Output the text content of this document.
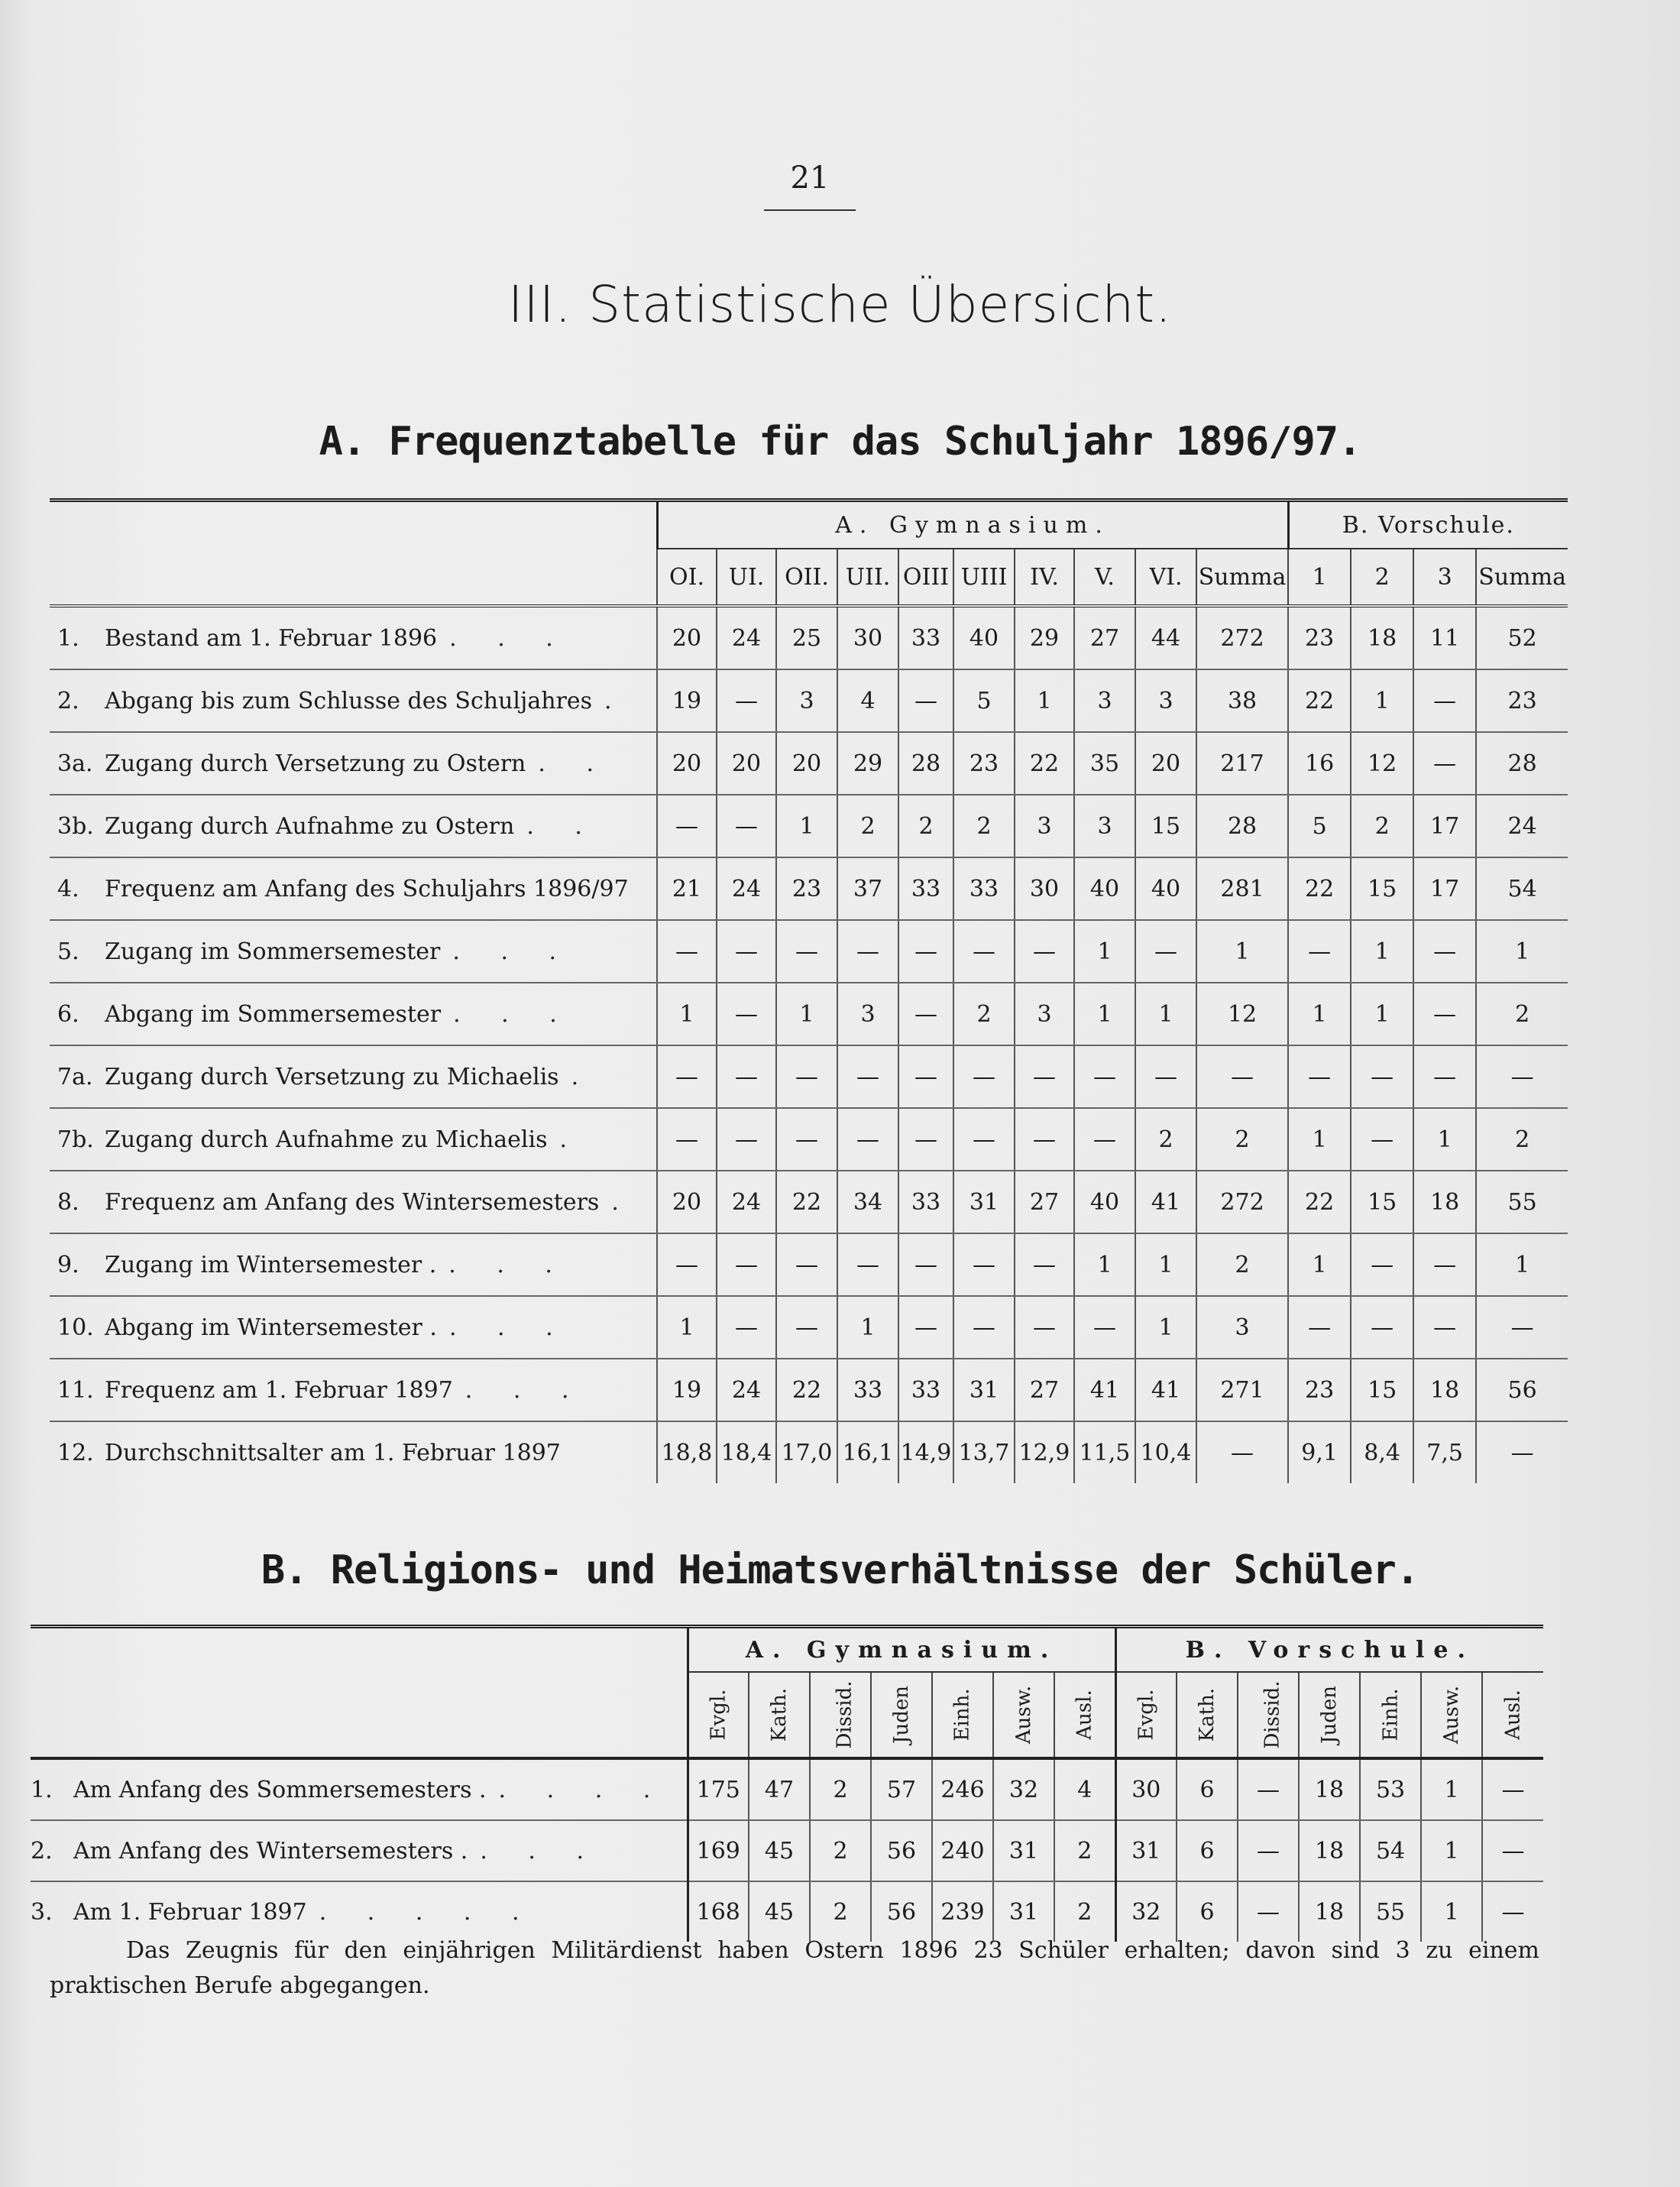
21
III. Statistische Übersicht.
A. Frequenztabelle für das Schuljahr 1896/97.
	A. Gymnasium.										B. Vorschule.			
	OI.	UI.	OII.	UII.	OIII	UIII	IV.	V.	VI.	Summa	1	2	3	Summa
1. Bestand am 1. Februar 1896 . . .	20	24	25	30	33	40	29	27	44	272	23	18	11	52
2. Abgang bis zum Schlusse des Schuljahres .	19	—	3	4	—	5	1	3	3	38	22	1	—	23
3a. Zugang durch Versetzung zu Ostern . .	20	20	20	29	28	23	22	35	20	217	16	12	—	28
3b. Zugang durch Aufnahme zu Ostern . .	—	—	1	2	2	2	3	3	15	28	5	2	17	24
4. Frequenz am Anfang des Schuljahrs 1896/97	21	24	23	37	33	33	30	40	40	281	22	15	17	54
5. Zugang im Sommersemester . . .	—	—	—	—	—	—	—	1	—	1	—	1	—	1
6. Abgang im Sommersemester . . .	1	—	1	3	—	2	3	1	1	12	1	1	—	2
7a. Zugang durch Versetzung zu Michaelis .	—	—	—	—	—	—	—	—	—	—	—	—	—	—
7b. Zugang durch Aufnahme zu Michaelis .	—	—	—	—	—	—	—	—	2	2	1	—	1	2
8. Frequenz am Anfang des Wintersemesters .	20	24	22	34	33	31	27	40	41	272	22	15	18	55
9. Zugang im Wintersemester . . . .	—	—	—	—	—	—	—	1	1	2	1	—	—	1
10. Abgang im Wintersemester . . . .	1	—	—	1	—	—	—	—	1	3	—	—	—	—
11. Frequenz am 1. Februar 1897 . . .	19	24	22	33	33	31	27	41	41	271	23	15	18	56
12. Durchschnittsalter am 1. Februar 1897	18,8	18,4	17,0	16,1	14,9	13,7	12,9	11,5	10,4	—	9,1	8,4	7,5	—
B. Religions- und Heimatsverhältnisse der Schüler.
	A. Gymnasium.							B. Vorschule.						
	Evgl.	Kath.	Dissid.	Juden	Einh.	Ausw.	Ausl.	Evgl.	Kath.	Dissid.	Juden	Einh.	Ausw.	Ausl.
1. Am Anfang des Sommersemesters . . . . .	175	47	2	57	246	32	4	30	6	—	18	53	1	—
2. Am Anfang des Wintersemesters . . . .	169	45	2	56	240	31	2	31	6	—	18	54	1	—
3. Am 1. Februar 1897 . . . . .	168	45	2	56	239	31	2	32	6	—	18	55	1	—
Das Zeugnis für den einjährigen Militärdienst haben Ostern 1896 23 Schüler erhalten; davon sind 3 zu einem praktischen Berufe abgegangen.
